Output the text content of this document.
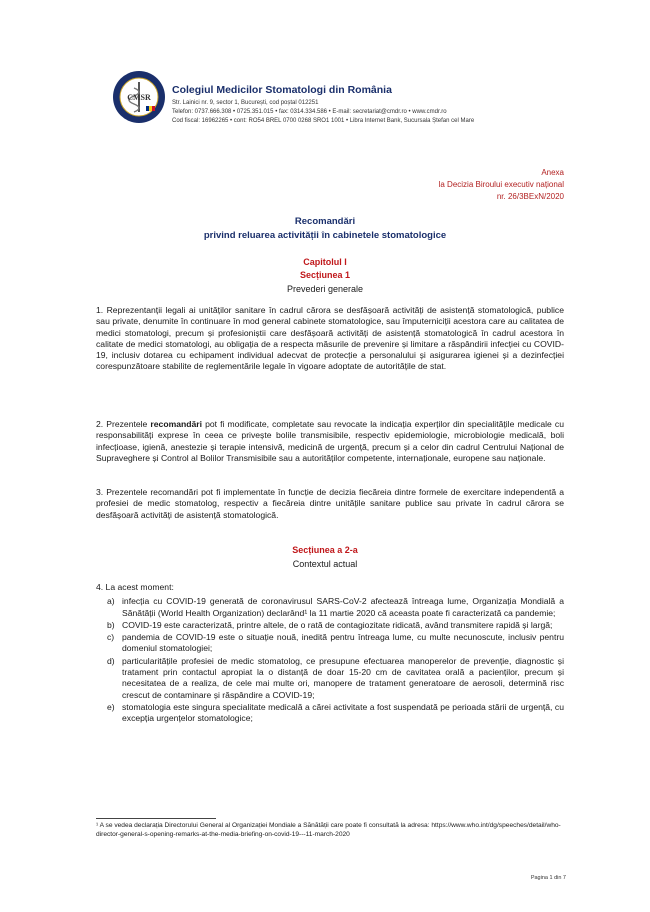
CMSR
Colegiul Medicilor Stomatologi din România
Str. Lainici nr. 9, sector 1, București, cod poștal 012251
Telefon: 0737.666.308 • 0725.351.015 • fax: 0314.334.586 • E-mail: secretariat@cmdr.ro • www.cmdr.ro
Cod fiscal: 16962265 • cont: RO54 BREL 0700 0268 SRO1 1001 • Libra Internet Bank, Sucursala Ștefan cel Mare
Anexa
la Decizia Biroului executiv național
nr. 26/3BExN/2020
Recomandări
privind reluarea activității în cabinetele stomatologice
Capitolul I
Secțiunea 1
Prevederi generale
1. Reprezentanții legali ai unităților sanitare în cadrul cărora se desfășoară activități de asistență stomatologică, publice sau private, denumite în continuare în mod general cabinete stomatologice, sau împuterniciții acestora care au calitatea de medici stomatologi, precum și profesioniștii care desfășoară activități de asistență stomatologică în cadrul acestora în calitate de medici stomatologi, au obligația de a respecta măsurile de prevenire și limitare a răspândirii infecției cu COVID-19, inclusiv dotarea cu echipament individual adecvat de protecție a personalului și asigurarea igienei și a dezinfecției corespunzătoare stabilite de reglementările legale în vigoare adoptate de autoritățile de stat.
2. Prezentele recomandări pot fi modificate, completate sau revocate la indicația experților din specialitățile medicale cu responsabilități exprese în ceea ce privește bolile transmisibile, respectiv epidemiologie, microbiologie medicală, boli infecțioase, igienă, anestezie și terapie intensivă, medicină de urgență, precum și a celor din cadrul Centrului Național de Supraveghere și Control al Bolilor Transmisibile sau a autorităților competente, internaționale, europene sau naționale.
3. Prezentele recomandări pot fi implementate în funcție de decizia fiecăreia dintre formele de exercitare independentă a profesiei de medic stomatolog, respectiv a fiecăreia dintre unitățile sanitare publice sau private în cadrul cărora se desfășoară activități de asistență stomatologică.
Secțiunea a 2-a
Contextul actual
4. La acest moment:

a) infecția cu COVID-19 generată de coronavirusul SARS-CoV-2 afectează întreaga lume, Organizația Mondială a Sănătății (World Health Organization) declarând¹ la 11 martie 2020 că aceasta poate fi caracterizată ca pandemie;

b) COVID-19 este caracterizată, printre altele, de o rată de contagiozitate ridicată, având transmitere rapidă și largă;

c) pandemia de COVID-19 este o situație nouă, inedită pentru întreaga lume, cu multe necunoscute, inclusiv pentru domeniul stomatologiei;

d) particularitățile profesiei de medic stomatolog, ce presupune efectuarea manoperelor de prevenție, diagnostic și tratament prin contactul apropiat la o distanță de doar 15-20 cm de cavitatea orală a pacienților, precum și necesitatea de a realiza, de cele mai multe ori, manopere de tratament generatoare de aerosoli, determină risc crescut de contaminare și răspândire a COVID-19;

e) stomatologia este singura specialitate medicală a cărei activitate a fost suspendată pe perioada stării de urgență, cu excepția urgențelor stomatologice;

¹ A se vedea declarația Directorului General al Organizației Mondiale a Sănătății care poate fi consultată la adresa: https://www.who.int/dg/speeches/detail/who-director-general-s-opening-remarks-at-the-media-briefing-on-covid-19---11-march-2020
Pagina 1 din 7
